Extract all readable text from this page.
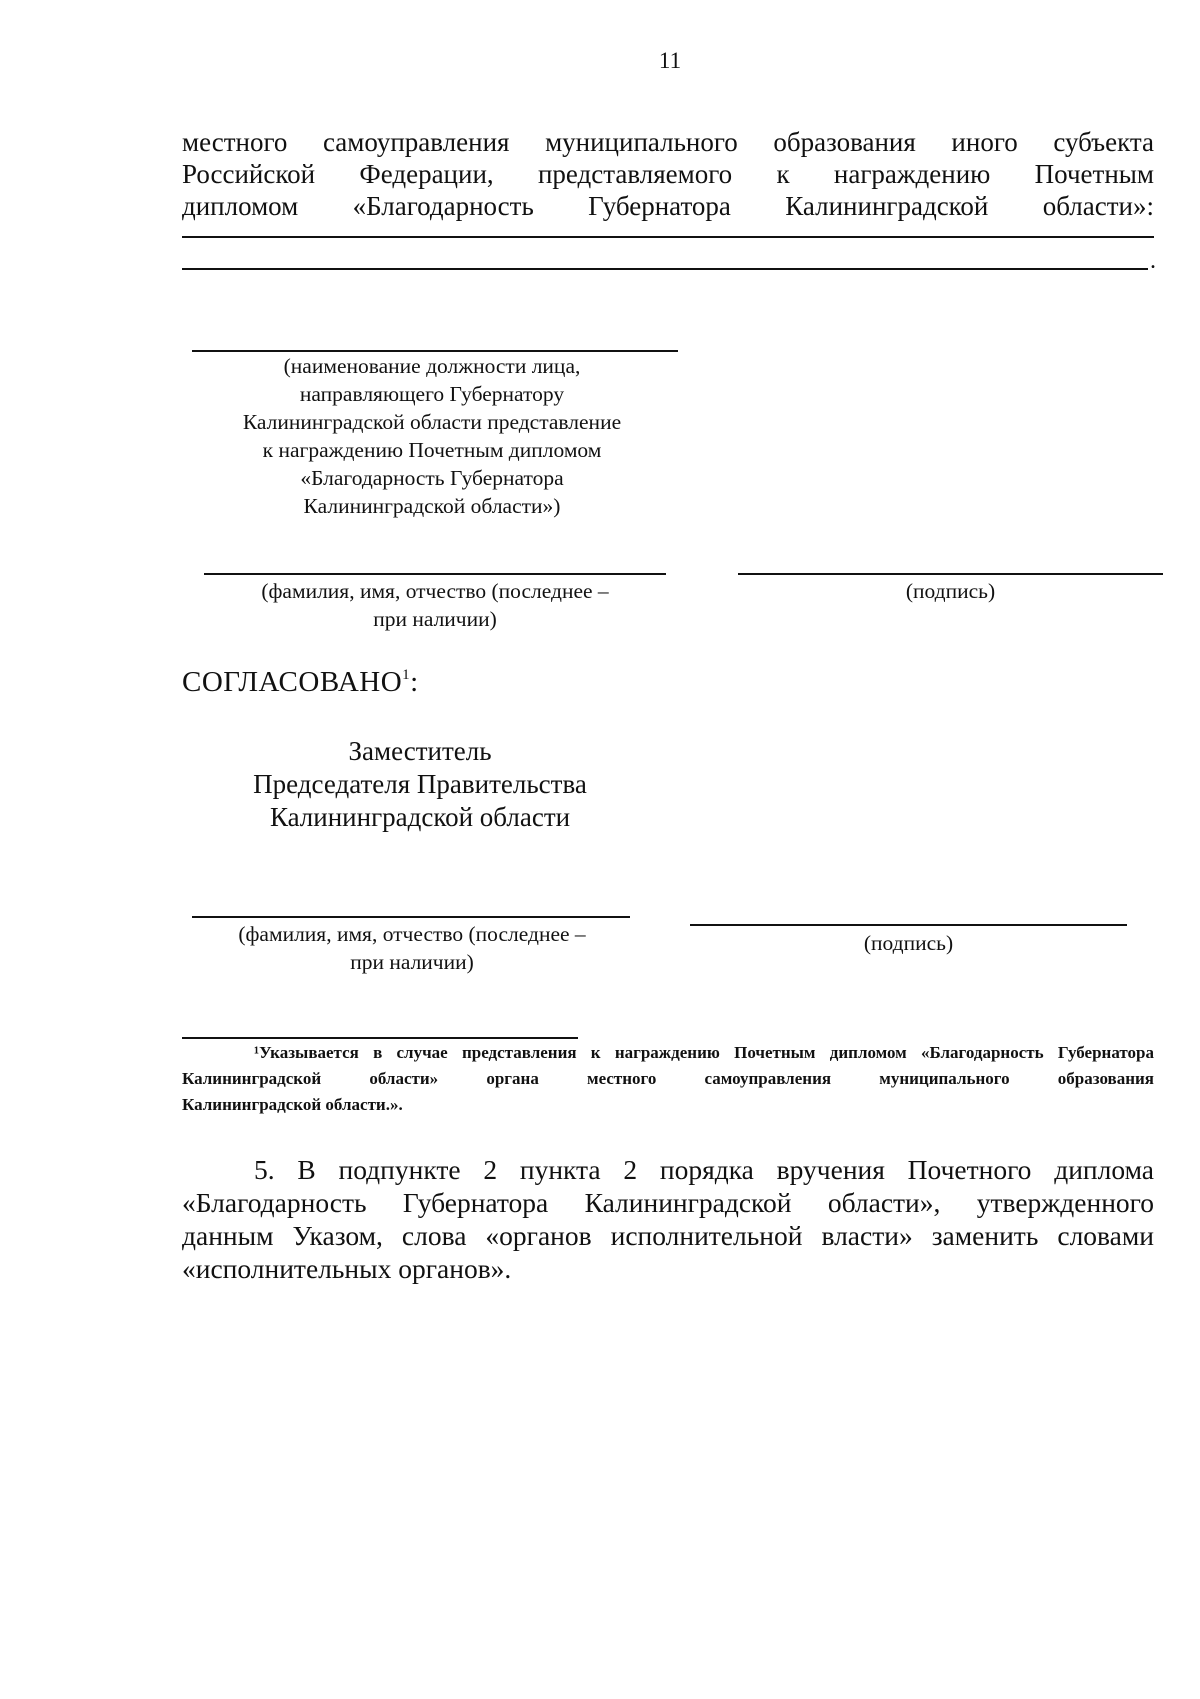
11
местного самоуправления муниципального образования иного субъекта
Российской Федерации, представляемого к награждению Почетным
дипломом «Благодарность Губернатора Калининградской области»:
.
(наименование должности лица,
направляющего Губернатору
Калининградской области представление
к награждению Почетным дипломом
«Благодарность Губернатора
Калининградской области»)
(фамилия, имя, отчество (последнее –
при наличии)
(подпись)
СОГЛАСОВАНО$^1$:
Заместитель
Председателя Правительства
Калининградской области
(фамилия, имя, отчество (последнее –
при наличии)
(подпись)
¹Указывается в случае представления к награждению Почетным дипломом «Благодарность Губернатора
Калининградской области» органа местного самоуправления муниципального образования
Калининградской области.».
5. В подпункте 2 пункта 2 порядка вручения Почетного диплома
«Благодарность Губернатора Калининградской области», утвержденного
данным Указом, слова «органов исполнительной власти» заменить словами
«исполнительных органов».
